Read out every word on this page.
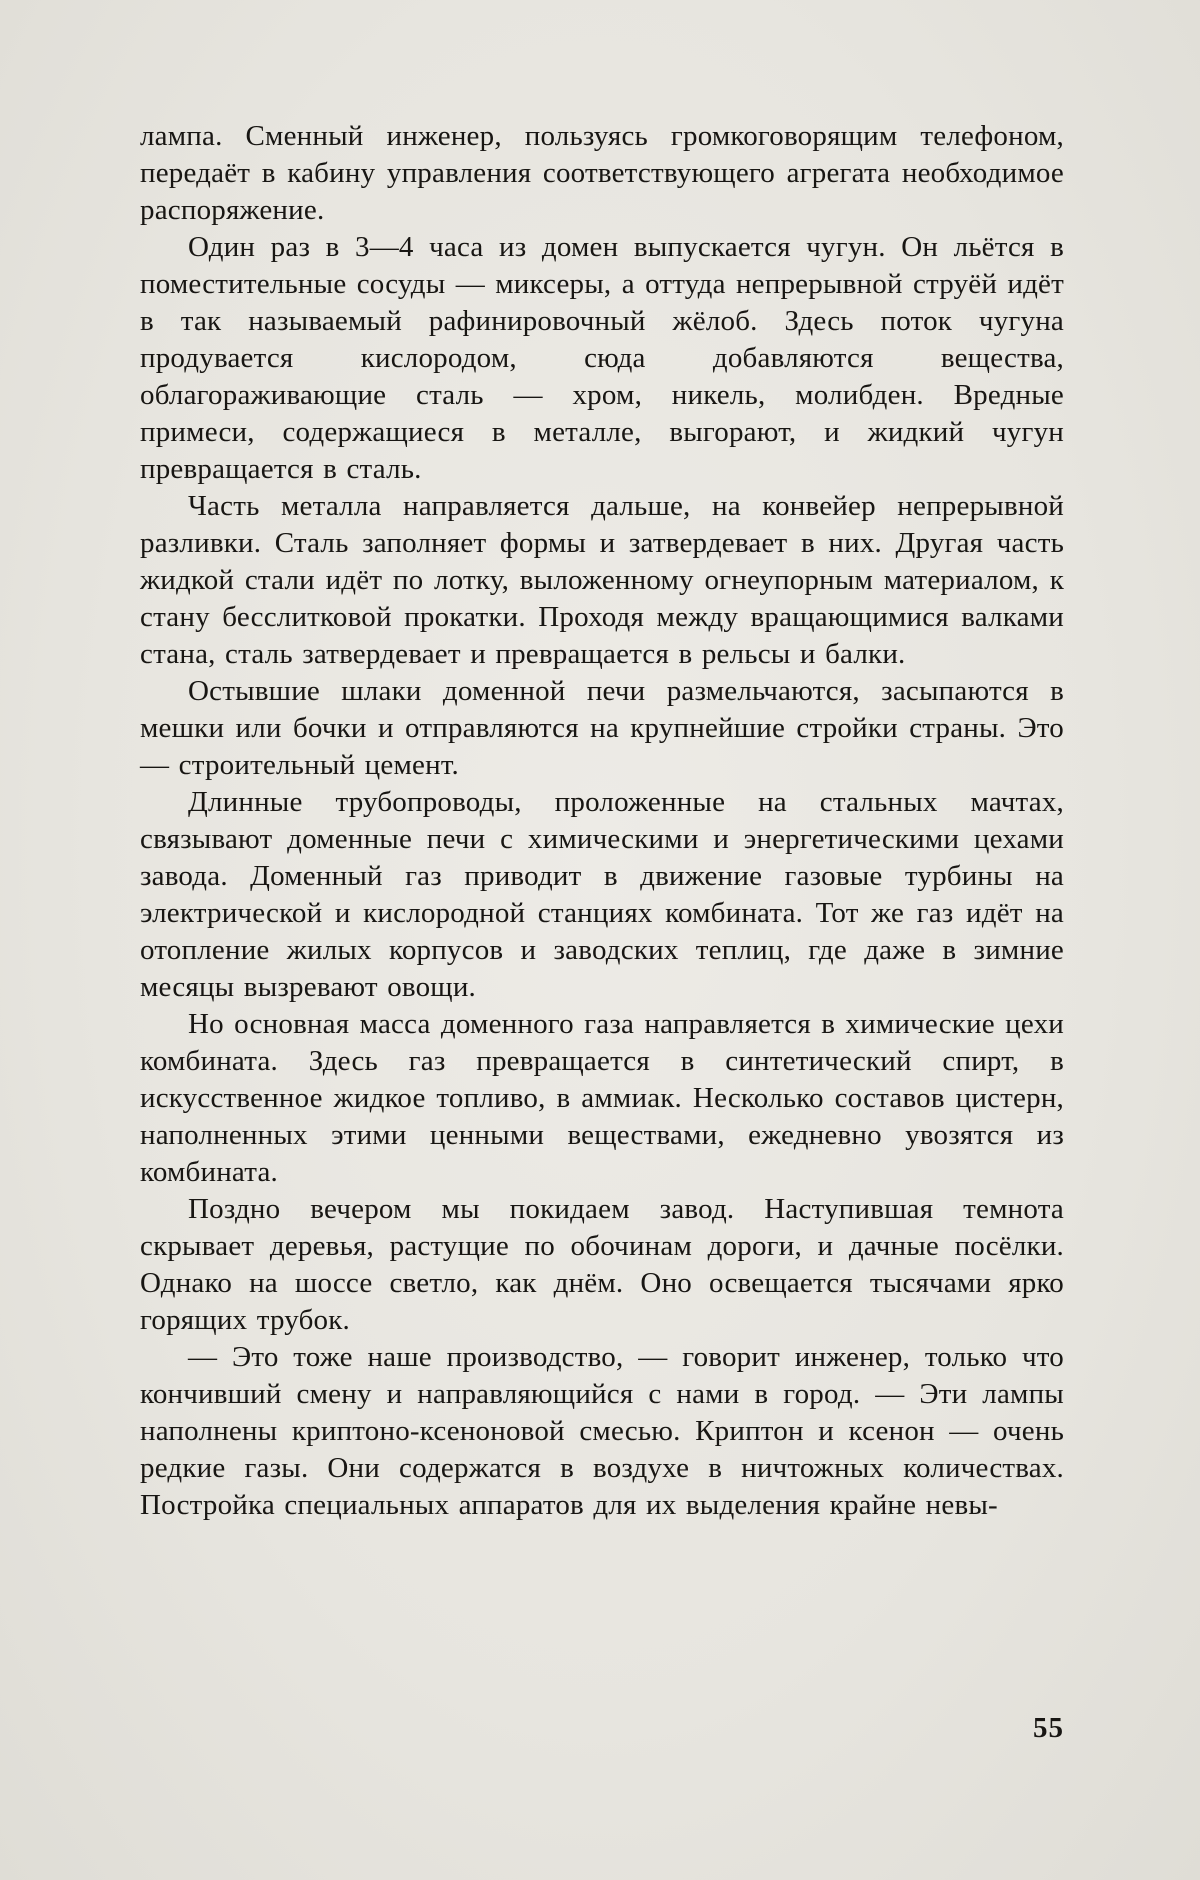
лампа. Сменный инженер, пользуясь громкоговорящим телефоном, передаёт в кабину управления соответствующего агрегата необходимое распоряжение.

Один раз в 3—4 часа из домен выпускается чугун. Он льётся в поместительные сосуды — миксеры, а оттуда непрерывной струёй идёт в так называемый рафинировочный жёлоб. Здесь поток чугуна продувается кислородом, сюда добавляются вещества, облагораживающие сталь — хром, никель, молибден. Вредные примеси, содержащиеся в металле, выгорают, и жидкий чугун превращается в сталь.

Часть металла направляется дальше, на конвейер непрерывной разливки. Сталь заполняет формы и затвердевает в них. Другая часть жидкой стали идёт по лотку, выложенному огнеупорным материалом, к стану бесслитковой прокатки. Проходя между вращающимися валками стана, сталь затвердевает и превращается в рельсы и балки.

Остывшие шлаки доменной печи размельчаются, засыпаются в мешки или бочки и отправляются на крупнейшие стройки страны. Это — строительный цемент.

Длинные трубопроводы, проложенные на стальных мачтах, связывают доменные печи с химическими и энергетическими цехами завода. Доменный газ приводит в движение газовые турбины на электрической и кислородной станциях комбината. Тот же газ идёт на отопление жилых корпусов и заводских теплиц, где даже в зимние месяцы вызревают овощи.

Но основная масса доменного газа направляется в химические цехи комбината. Здесь газ превращается в синтетический спирт, в искусственное жидкое топливо, в аммиак. Несколько составов цистерн, наполненных этими ценными веществами, ежедневно увозятся из комбината.

Поздно вечером мы покидаем завод. Наступившая темнота скрывает деревья, растущие по обочинам дороги, и дачные посёлки. Однако на шоссе светло, как днём. Оно освещается тысячами ярко горящих трубок.

— Это тоже наше производство, — говорит инженер, только что кончивший смену и направляющийся с нами в город. — Эти лампы наполнены криптоно-ксеноновой смесью. Криптон и ксенон — очень редкие газы. Они содержатся в воздухе в ничтожных количествах. Постройка специальных аппаратов для их выделения крайне невы-

55
